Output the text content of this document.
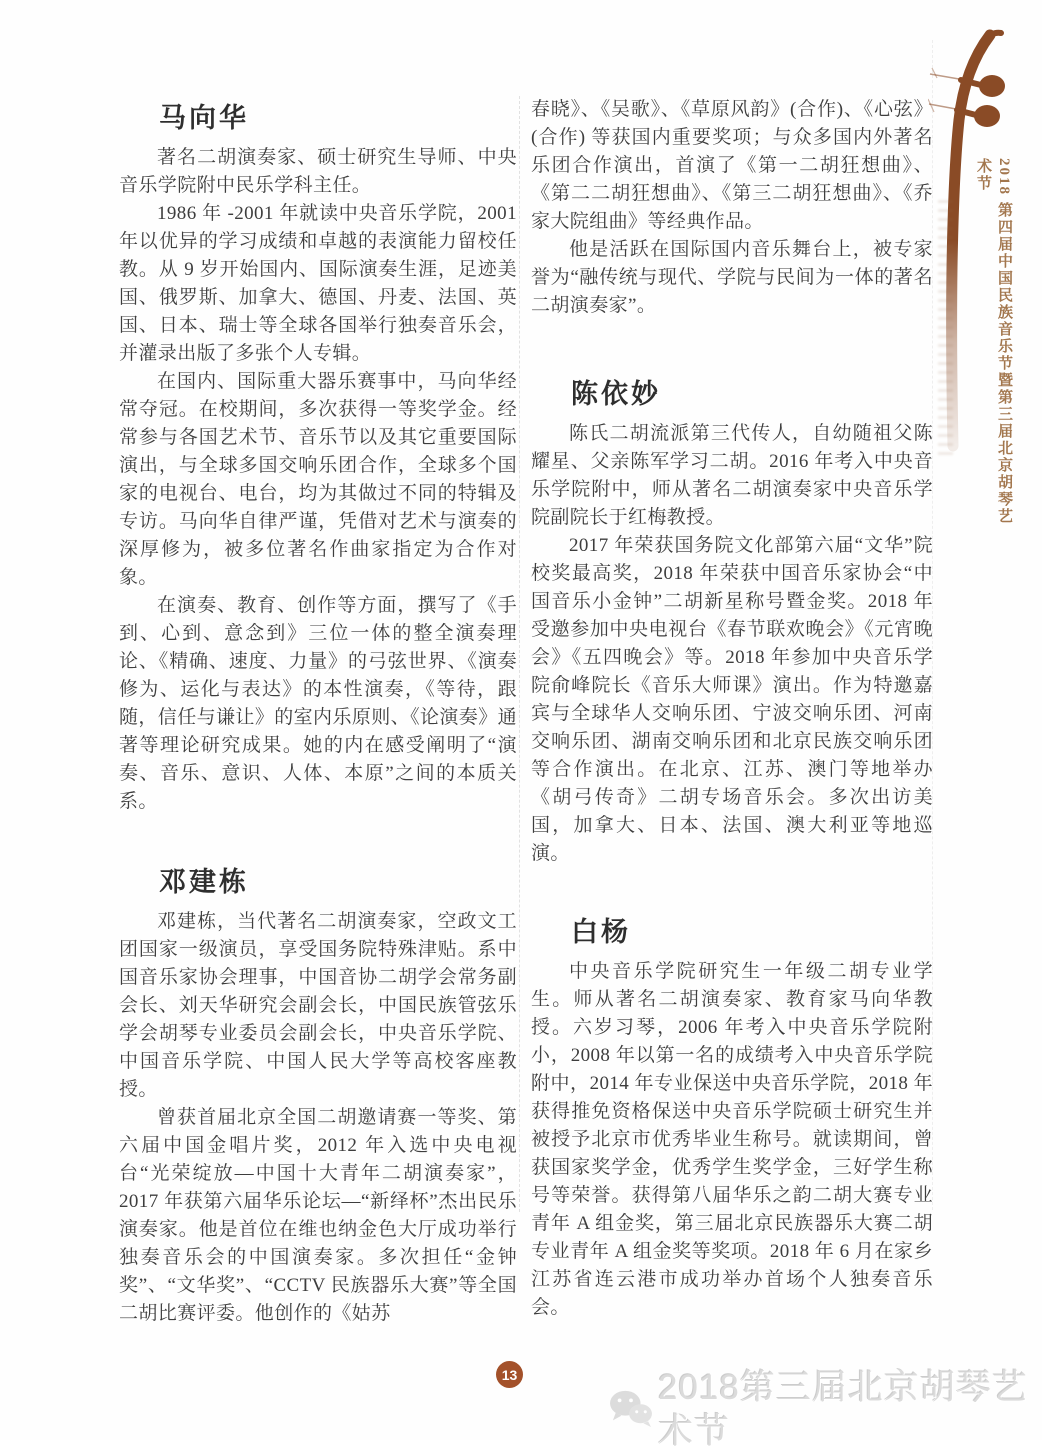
马向华

著名二胡演奏家、硕士研究生导师、中央音乐学院附中民乐学科主任。

1986 年 -2001 年就读中央音乐学院，2001 年以优异的学习成绩和卓越的表演能力留校任教。从 9 岁开始国内、国际演奏生涯，足迹美国、俄罗斯、加拿大、德国、丹麦、法国、英国、日本、瑞士等全球各国举行独奏音乐会，并灌录出版了多张个人专辑。

在国内、国际重大器乐赛事中，马向华经常夺冠。在校期间，多次获得一等奖学金。经常参与各国艺术节、音乐节以及其它重要国际演出，与全球多国交响乐团合作，全球多个国家的电视台、电台，均为其做过不同的特辑及专访。马向华自律严谨，凭借对艺术与演奏的深厚修为，被多位著名作曲家指定为合作对象。

在演奏、教育、创作等方面，撰写了《手到、心到、意念到》三位一体的整全演奏理论、《精确、速度、力量》的弓弦世界、《演奏修为、运化与表达》的本性演奏，《等待，跟随，信任与谦让》的室内乐原则、《论演奏》通著等理论研究成果。她的内在感受阐明了“演奏、音乐、意识、人体、本原”之间的本质关系。

邓建栋

邓建栋，当代著名二胡演奏家，空政文工团国家一级演员，享受国务院特殊津贴。系中国音乐家协会理事，中国音协二胡学会常务副会长、刘天华研究会副会长，中国民族管弦乐学会胡琴专业委员会副会长，中央音乐学院、中国音乐学院、中国人民大学等高校客座教授。

曾获首届北京全国二胡邀请赛一等奖、第六届中国金唱片奖，2012 年入选中央电视台“光荣绽放—中国十大青年二胡演奏家”，2017 年获第六届华乐论坛—“新绎杯”杰出民乐演奏家。他是首位在维也纳金色大厅成功举行独奏音乐会的中国演奏家。多次担任“金钟奖”、“文华奖”、“CCTV 民族器乐大赛”等全国二胡比赛评委。他创作的《姑苏

春晓》、《吴歌》、《草原风韵》(合作)、《心弦》(合作) 等获国内重要奖项；与众多国内外著名乐团合作演出，首演了《第一二胡狂想曲》、《第二二胡狂想曲》、《第三二胡狂想曲》、《乔家大院组曲》等经典作品。

他是活跃在国际国内音乐舞台上，被专家誉为“融传统与现代、学院与民间为一体的著名二胡演奏家”。

陈依妙

陈氏二胡流派第三代传人，自幼随祖父陈耀星、父亲陈军学习二胡。2016 年考入中央音乐学院附中，师从著名二胡演奏家中央音乐学院副院长于红梅教授。

2017 年荣获国务院文化部第六届“文华”院校奖最高奖，2018 年荣获中国音乐家协会“中国音乐小金钟”二胡新星称号暨金奖。2018 年受邀参加中央电视台《春节联欢晚会》《元宵晚会》《五四晚会》等。2018 年参加中央音乐学院俞峰院长《音乐大师课》演出。作为特邀嘉宾与全球华人交响乐团、宁波交响乐团、河南交响乐团、湖南交响乐团和北京民族交响乐团等合作演出。在北京、江苏、澳门等地举办《胡弓传奇》二胡专场音乐会。多次出访美国，加拿大、日本、法国、澳大利亚等地巡演。

白杨

中央音乐学院研究生一年级二胡专业学生。师从著名二胡演奏家、教育家马向华教授。六岁习琴，2006 年考入中央音乐学院附小，2008 年以第一名的成绩考入中央音乐学院附中，2014 年专业保送中央音乐学院，2018 年获得推免资格保送中央音乐学院硕士研究生并被授予北京市优秀毕业生称号。就读期间，曾获国家奖学金，优秀学生奖学金，三好学生称号等荣誉。获得第八届华乐之韵二胡大赛专业青年 A 组金奖，第三届北京民族器乐大赛二胡专业青年 A 组金奖等奖项。2018 年 6 月在家乡江苏省连云港市成功举办首场个人独奏音乐会。

2018 第四届中国民族音乐节暨第三届北京胡琴艺术节
13	2018第三届北京胡琴艺术节
